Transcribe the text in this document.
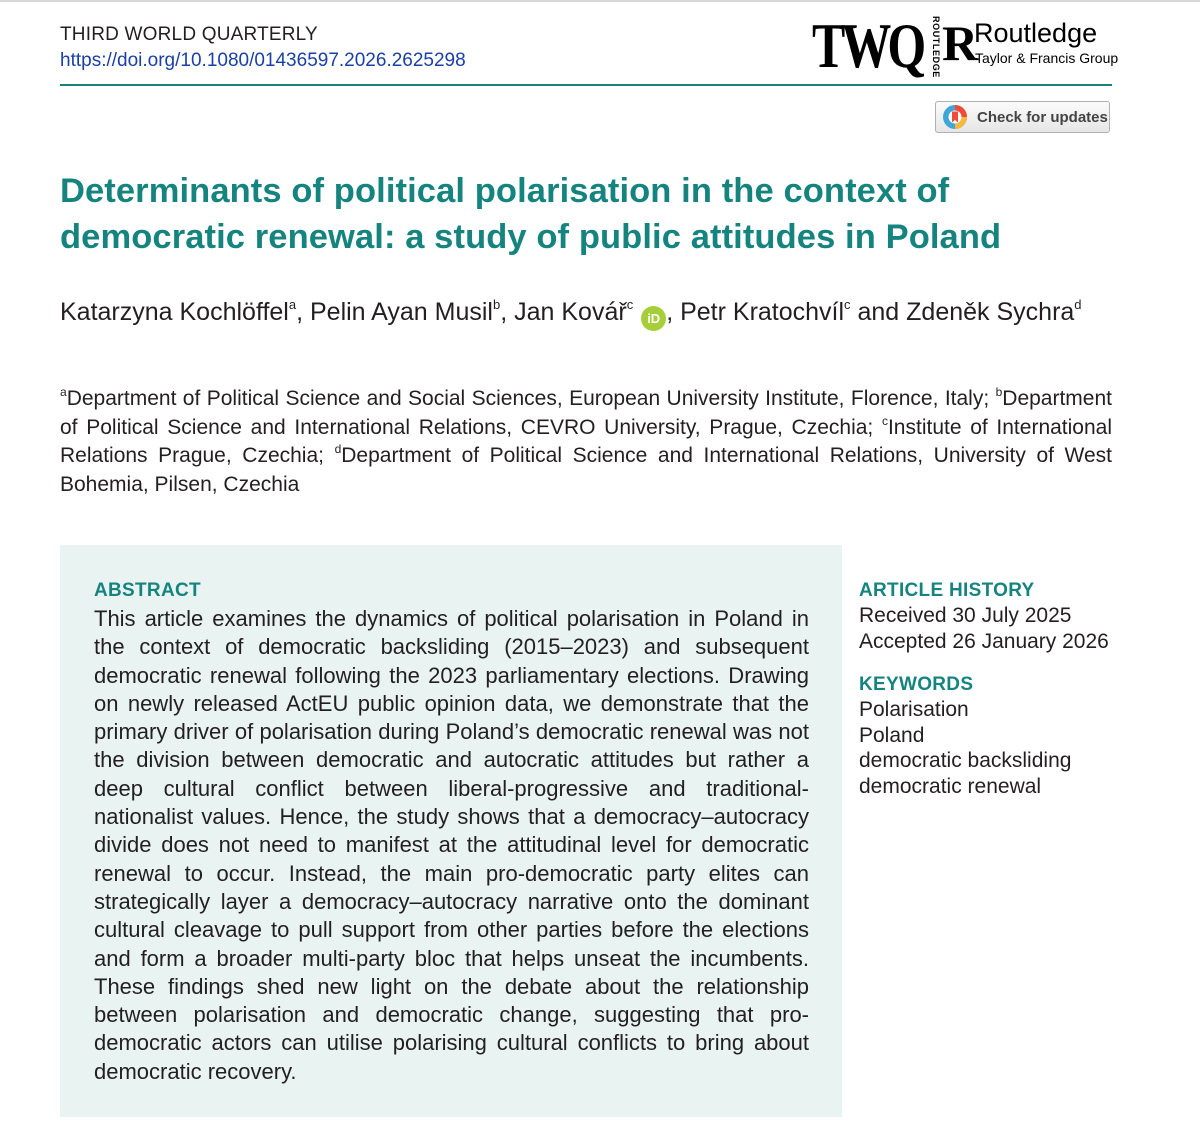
THIRD WORLD QUARTERLY
https://doi.org/10.1080/01436597.2026.2625298	TWQ ROUTLEDGE R
Routledge
Taylor & Francis Group
Check for updates
Determinants of political polarisation in the context of democratic renewal: a study of public attitudes in Poland
Katarzyna Kochlöffel$^a$, Pelin Ayan Musil$^b$, Jan Kovář$^c$iD , Petr Kratochvíl$^c$ and Zdeněk Sychra$^d$
$^a$Department of Political Science and Social Sciences, European University Institute, Florence, Italy; $^b$Department of Political Science and International Relations, CEVRO University, Prague, Czechia; $^c$Institute of International Relations Prague, Czechia; $^d$Department of Political Science and International Relations, University of West Bohemia, Pilsen, Czechia
ABSTRACT

This article examines the dynamics of political polarisation in Poland in the context of democratic backsliding (2015–2023) and subsequent democratic renewal following the 2023 parliamentary elections. Drawing on newly released ActEU public opinion data, we demonstrate that the primary driver of polarisation during Poland’s democratic renewal was not the division between democratic and autocratic attitudes but rather a deep cultural conflict between liberal-progressive and traditional-nationalist values. Hence, the study shows that a democracy–autocracy divide does not need to manifest at the attitudinal level for democratic renewal to occur. Instead, the main pro-democratic party elites can strategically layer a democracy–autocracy narrative onto the dominant cultural cleavage to pull support from other parties before the elections and form a broader multi-party bloc that helps unseat the incumbents. These findings shed new light on the debate about the relationship between polarisation and democratic change, suggesting that pro-democratic actors can utilise polarising cultural conflicts to bring about democratic recovery.

ARTICLE HISTORY
Received 30 July 2025
Accepted 26 January 2026
KEYWORDS
Polarisation
Poland
democratic backsliding
democratic renewal
